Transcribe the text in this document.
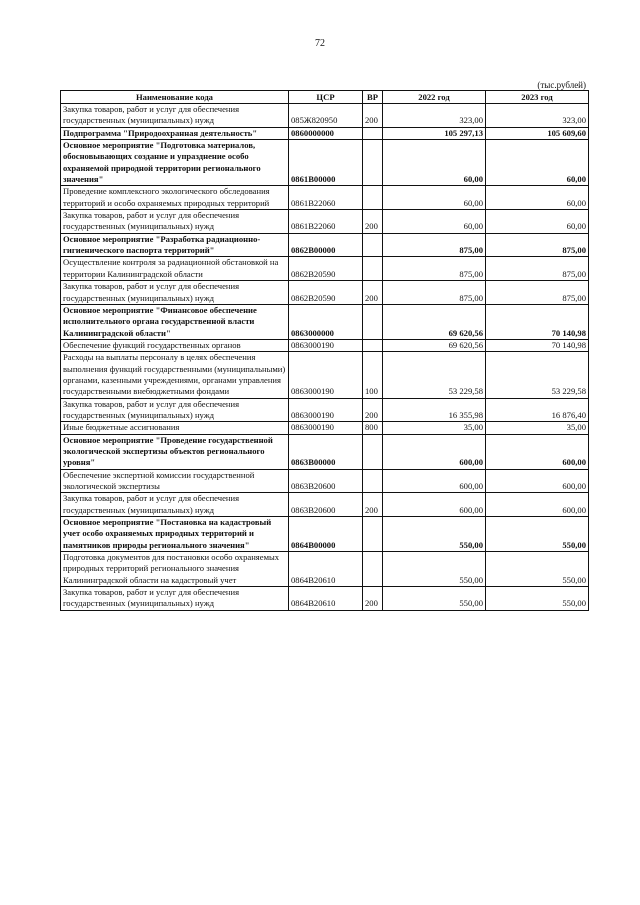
72
(тыс.рублей)
Наименование кода	ЦСР	ВР	2022 год	2023 год
Закупка товаров, работ и услуг для обеспечения государственных (муниципальных) нужд	085Ж820950	200	323,00	323,00
Подпрограмма "Природоохранная деятельность"	0860000000		105 297,13	105 609,60
Основное мероприятие "Подготовка материалов, обосновывающих создание и упразднение особо охраняемой природной территории регионального значения"	0861B00000		60,00	60,00
Проведение комплексного экологического обследования территорий и особо охраняемых природных территорий	0861B22060		60,00	60,00
Закупка товаров, работ и услуг для обеспечения государственных (муниципальных) нужд	0861B22060	200	60,00	60,00
Основное мероприятие "Разработка радиационно-гигиенического паспорта территорий"	0862B00000		875,00	875,00
Осуществление контроля за радиационной обстановкой на территории Калининградской области	0862B20590		875,00	875,00
Закупка товаров, работ и услуг для обеспечения государственных (муниципальных) нужд	0862B20590	200	875,00	875,00
Основное мероприятие "Финансовое обеспечение исполнительного органа государственной власти Калининградской области"	0863000000		69 620,56	70 140,98
Обеспечение функций государственных органов	0863000190		69 620,56	70 140,98
Расходы на выплаты персоналу в целях обеспечения выполнения функций государственными (муниципальными) органами, казенными учреждениями, органами управления государственными внебюджетными фондами	0863000190	100	53 229,58	53 229,58
Закупка товаров, работ и услуг для обеспечения государственных (муниципальных) нужд	0863000190	200	16 355,98	16 876,40
Иные бюджетные ассигнования	0863000190	800	35,00	35,00
Основное мероприятие "Проведение государственной экологической экспертизы объектов регионального уровня"	0863B00000		600,00	600,00
Обеспечение экспертной комиссии государственной экологической экспертизы	0863B20600		600,00	600,00
Закупка товаров, работ и услуг для обеспечения государственных (муниципальных) нужд	0863B20600	200	600,00	600,00
Основное мероприятие "Постановка на кадастровый учет особо охраняемых природных территорий и памятников природы регионального значения"	0864B00000		550,00	550,00
Подготовка документов для постановки особо охраняемых природных территорий регионального значения Калининградской области на кадастровый учет	0864B20610		550,00	550,00
Закупка товаров, работ и услуг для обеспечения государственных (муниципальных) нужд	0864B20610	200	550,00	550,00
